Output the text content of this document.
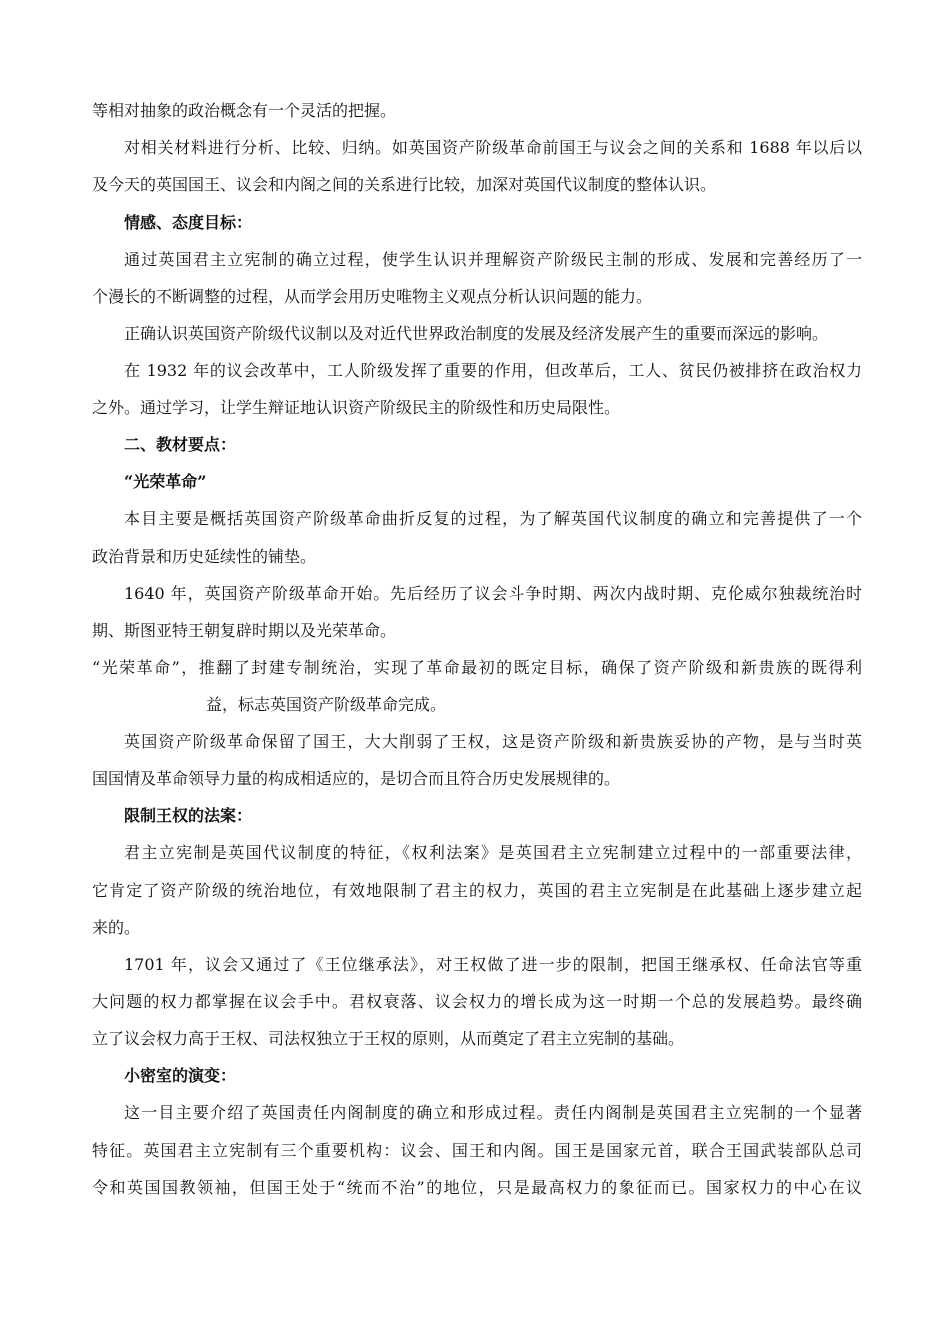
等相对抽象的政治概念有一个灵活的把握。
对相关材料进行分析、比较、归纳。如英国资产阶级革命前国王与议会之间的关系和 1688 年以后以
及今天的英国国王、议会和内阁之间的关系进行比较，加深对英国代议制度的整体认识。
情感、态度目标：
通过英国君主立宪制的确立过程，使学生认识并理解资产阶级民主制的形成、发展和完善经历了一
个漫长的不断调整的过程，从而学会用历史唯物主义观点分析认识问题的能力。
正确认识英国资产阶级代议制以及对近代世界政治制度的发展及经济发展产生的重要而深远的影响。
在 1932 年的议会改革中，工人阶级发挥了重要的作用，但改革后，工人、贫民仍被排挤在政治权力
之外。通过学习，让学生辩证地认识资产阶级民主的阶级性和历史局限性。
二、教材要点：
“光荣革命”
本目主要是概括英国资产阶级革命曲折反复的过程，为了解英国代议制度的确立和完善提供了一个
政治背景和历史延续性的铺垫。
1640 年，英国资产阶级革命开始。先后经历了议会斗争时期、两次内战时期、克伦威尔独裁统治时
期、斯图亚特王朝复辟时期以及光荣革命。
“光荣革命”，推翻了封建专制统治，实现了革命最初的既定目标，确保了资产阶级和新贵族的既得利
益，标志英国资产阶级革命完成。
英国资产阶级革命保留了国王，大大削弱了王权，这是资产阶级和新贵族妥协的产物，是与当时英
国国情及革命领导力量的构成相适应的，是切合而且符合历史发展规律的。
限制王权的法案：
君主立宪制是英国代议制度的特征，《权利法案》是英国君主立宪制建立过程中的一部重要法律，
它肯定了资产阶级的统治地位，有效地限制了君主的权力，英国的君主立宪制是在此基础上逐步建立起
来的。
1701 年，议会又通过了《王位继承法》，对王权做了进一步的限制，把国王继承权、任命法官等重
大问题的权力都掌握在议会手中。君权衰落、议会权力的增长成为这一时期一个总的发展趋势。最终确
立了议会权力高于王权、司法权独立于王权的原则，从而奠定了君主立宪制的基础。
小密室的演变：
这一目主要介绍了英国责任内阁制度的确立和形成过程。责任内阁制是英国君主立宪制的一个显著
特征。英国君主立宪制有三个重要机构：议会、国王和内阁。国王是国家元首，联合王国武装部队总司
令和英国国教领袖，但国王处于“统而不治”的地位，只是最高权力的象征而已。国家权力的中心在议
